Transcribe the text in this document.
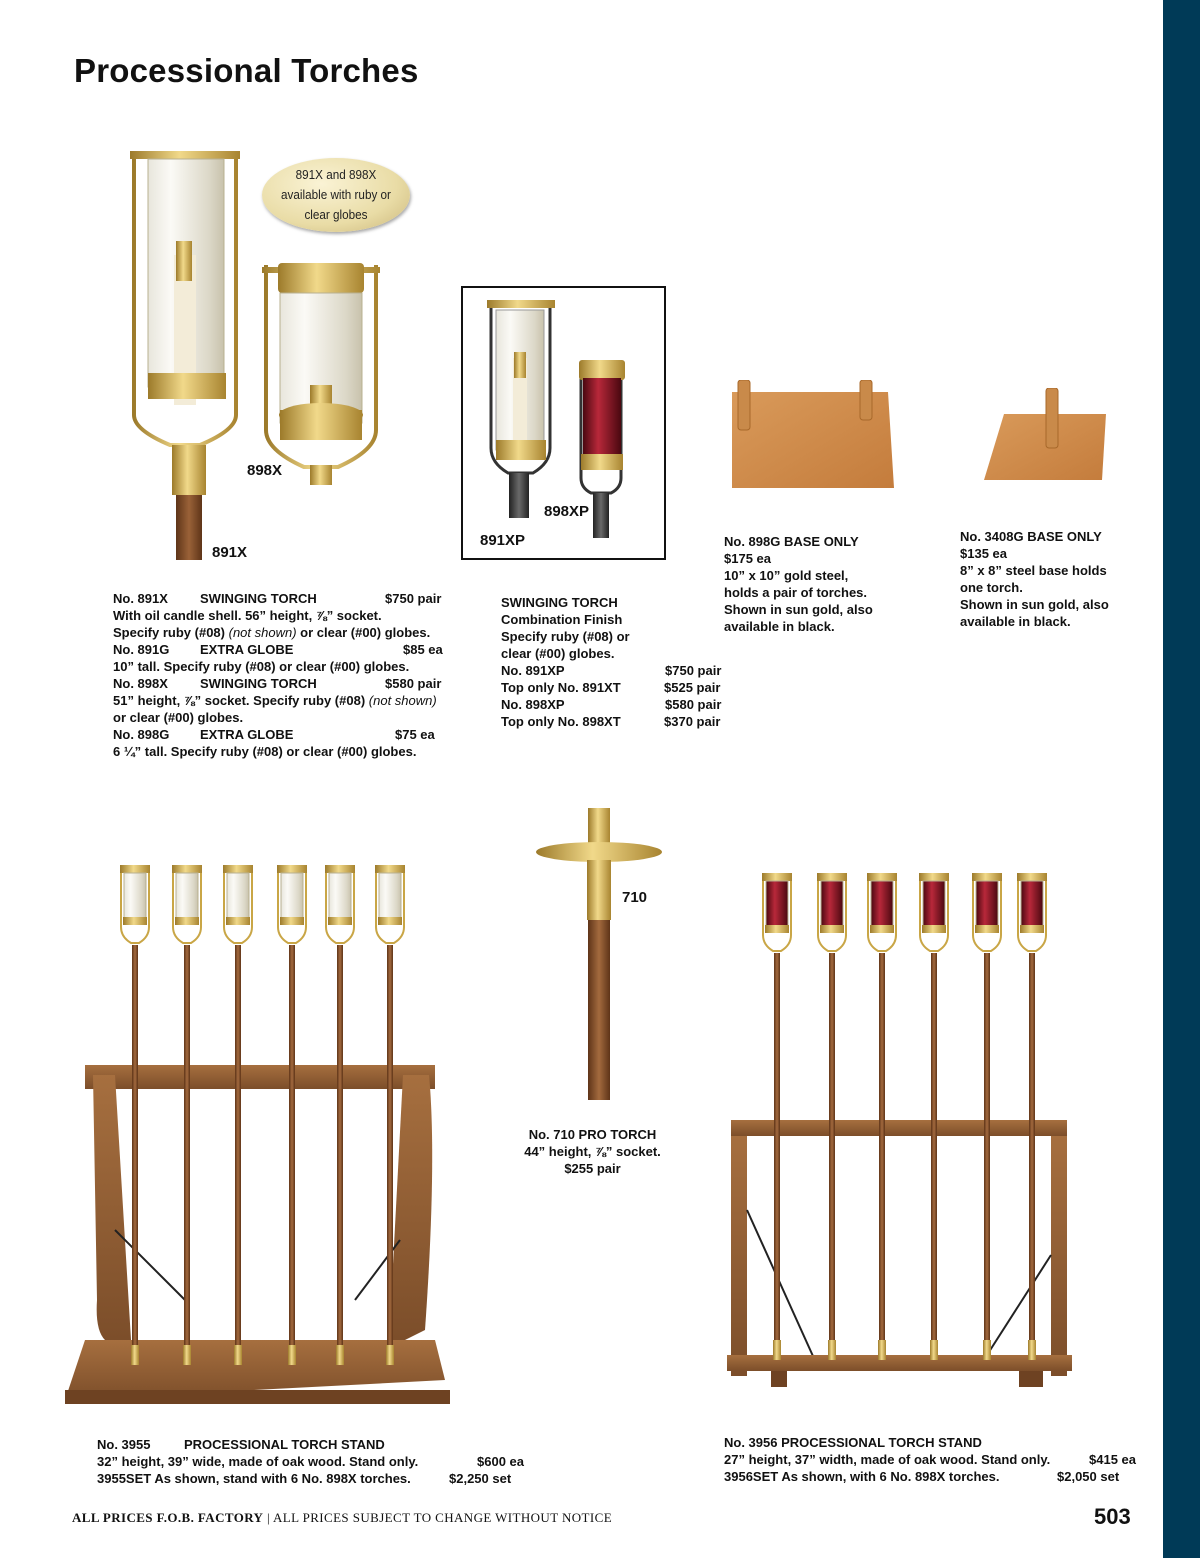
Processional Torches
891X and 898X
available with ruby or
clear globes
898X
891X
898XP
891XP
No. 891X SWINGING TORCH	$750 pair
With oil candle shell. 56” height, ⅞” socket.
Specify ruby (#08) (not shown) or clear (#00) globes.
No. 891G EXTRA GLOBE	$85 ea
10” tall. Specify ruby (#08) or clear (#00) globes.
No. 898X SWINGING TORCH	$580 pair
51” height, ⅞” socket. Specify ruby (#08) (not shown)
or clear (#00) globes.
No. 898G EXTRA GLOBE	$75 ea
6 ¼” tall. Specify ruby (#08) or clear (#00) globes.
SWINGING TORCH
Combination Finish
Specify ruby (#08) or
clear (#00) globes.
No. 891XP	$750 pair
Top only No. 891XT	$525 pair
No. 898XP	$580 pair
Top only No. 898XT	$370 pair
No. 898G BASE ONLY
$175 ea
10” x 10” gold steel,
holds a pair of torches.
Shown in sun gold, also
available in black.
No. 3408G BASE ONLY
$135 ea
8” x 8” steel base holds
one torch.
Shown in sun gold, also
available in black.
710
No. 710 PRO TORCH
44” height, ⅞” socket.
$255 pair
No. 3955	PROCESSIONAL TORCH STAND
32” height, 39” wide, made of oak wood. Stand only.	$600 ea
3955SET As shown, stand with 6 No. 898X torches.	$2,250 set
No. 3956 PROCESSIONAL TORCH STAND
27” height, 37” width, made of oak wood. Stand only.	$415 ea
3956SET As shown, with 6 No. 898X torches.	$2,050 set
ALL PRICES F.O.B. FACTORY | ALL PRICES SUBJECT TO CHANGE WITHOUT NOTICE	503
